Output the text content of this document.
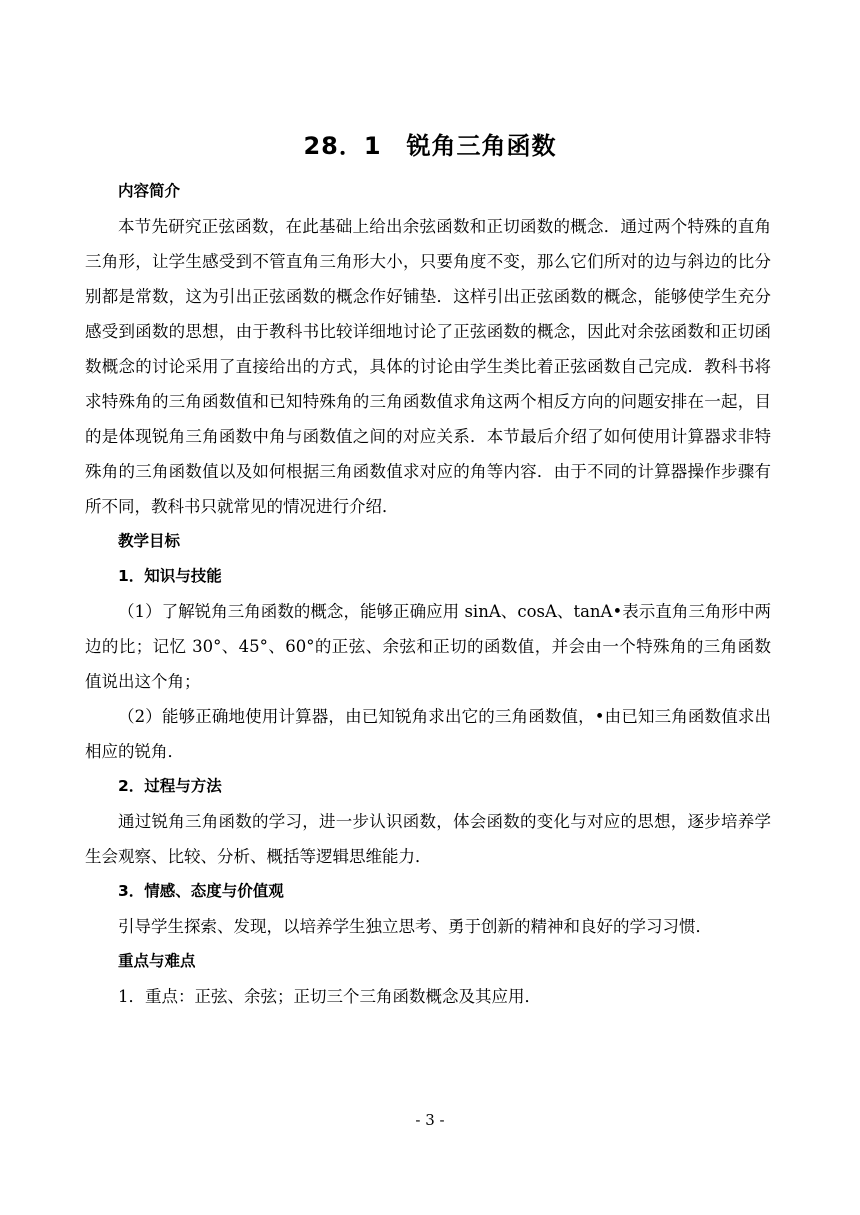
28．1　锐角三角函数

内容简介

本节先研究正弦函数，在此基础上给出余弦函数和正切函数的概念．通过两个特殊的直角三角形，让学生感受到不管直角三角形大小，只要角度不变，那么它们所对的边与斜边的比分别都是常数，这为引出正弦函数的概念作好铺垫．这样引出正弦函数的概念，能够使学生充分感受到函数的思想，由于教科书比较详细地讨论了正弦函数的概念，因此对余弦函数和正切函数概念的讨论采用了直接给出的方式，具体的讨论由学生类比着正弦函数自己完成．教科书将求特殊角的三角函数值和已知特殊角的三角函数值求角这两个相反方向的问题安排在一起，目的是体现锐角三角函数中角与函数值之间的对应关系．本节最后介绍了如何使用计算器求非特殊角的三角函数值以及如何根据三角函数值求对应的角等内容．由于不同的计算器操作步骤有所不同，教科书只就常见的情况进行介绍．

教学目标

1．知识与技能

（1）了解锐角三角函数的概念，能够正确应用 sinA、cosA、tanA•表示直角三角形中两边的比；记忆 30°、45°、60°的正弦、余弦和正切的函数值，并会由一个特殊角的三角函数值说出这个角；

（2）能够正确地使用计算器，由已知锐角求出它的三角函数值，•由已知三角函数值求出相应的锐角．

2．过程与方法

通过锐角三角函数的学习，进一步认识函数，体会函数的变化与对应的思想，逐步培养学生会观察、比较、分析、概括等逻辑思维能力．

3．情感、态度与价值观

引导学生探索、发现，以培养学生独立思考、勇于创新的精神和良好的学习习惯．

重点与难点

1．重点：正弦、余弦；正切三个三角函数概念及其应用．

- 3 -
